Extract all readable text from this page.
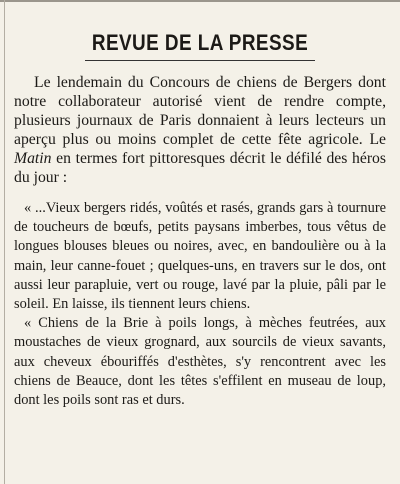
REVUE DE LA PRESSE

Le lendemain du Concours de chiens de Bergers dont notre collaborateur autorisé vient de rendre compte, plusieurs journaux de Paris donnaient à leurs lecteurs un aperçu plus ou moins complet de cette fête agricole. Le Matin en termes fort pittoresques décrit le défilé des héros du jour :

« ...Vieux bergers ridés, voûtés et rasés, grands gars à tournure de toucheurs de bœufs, petits paysans imberbes, tous vêtus de longues blouses bleues ou noires, avec, en bandoulière ou à la main, leur canne-fouet ; quelques-uns, en travers sur le dos, ont aussi leur parapluie, vert ou rouge, lavé par la pluie, pâli par le soleil. En laisse, ils tiennent leurs chiens.

« Chiens de la Brie à poils longs, à mèches feutrées, aux moustaches de vieux grognard, aux sourcils de vieux savants, aux cheveux ébouriffés d'esthètes, s'y rencontrent avec les chiens de Beauce, dont les têtes s'effilent en museau de loup, dont les poils sont ras et durs.
